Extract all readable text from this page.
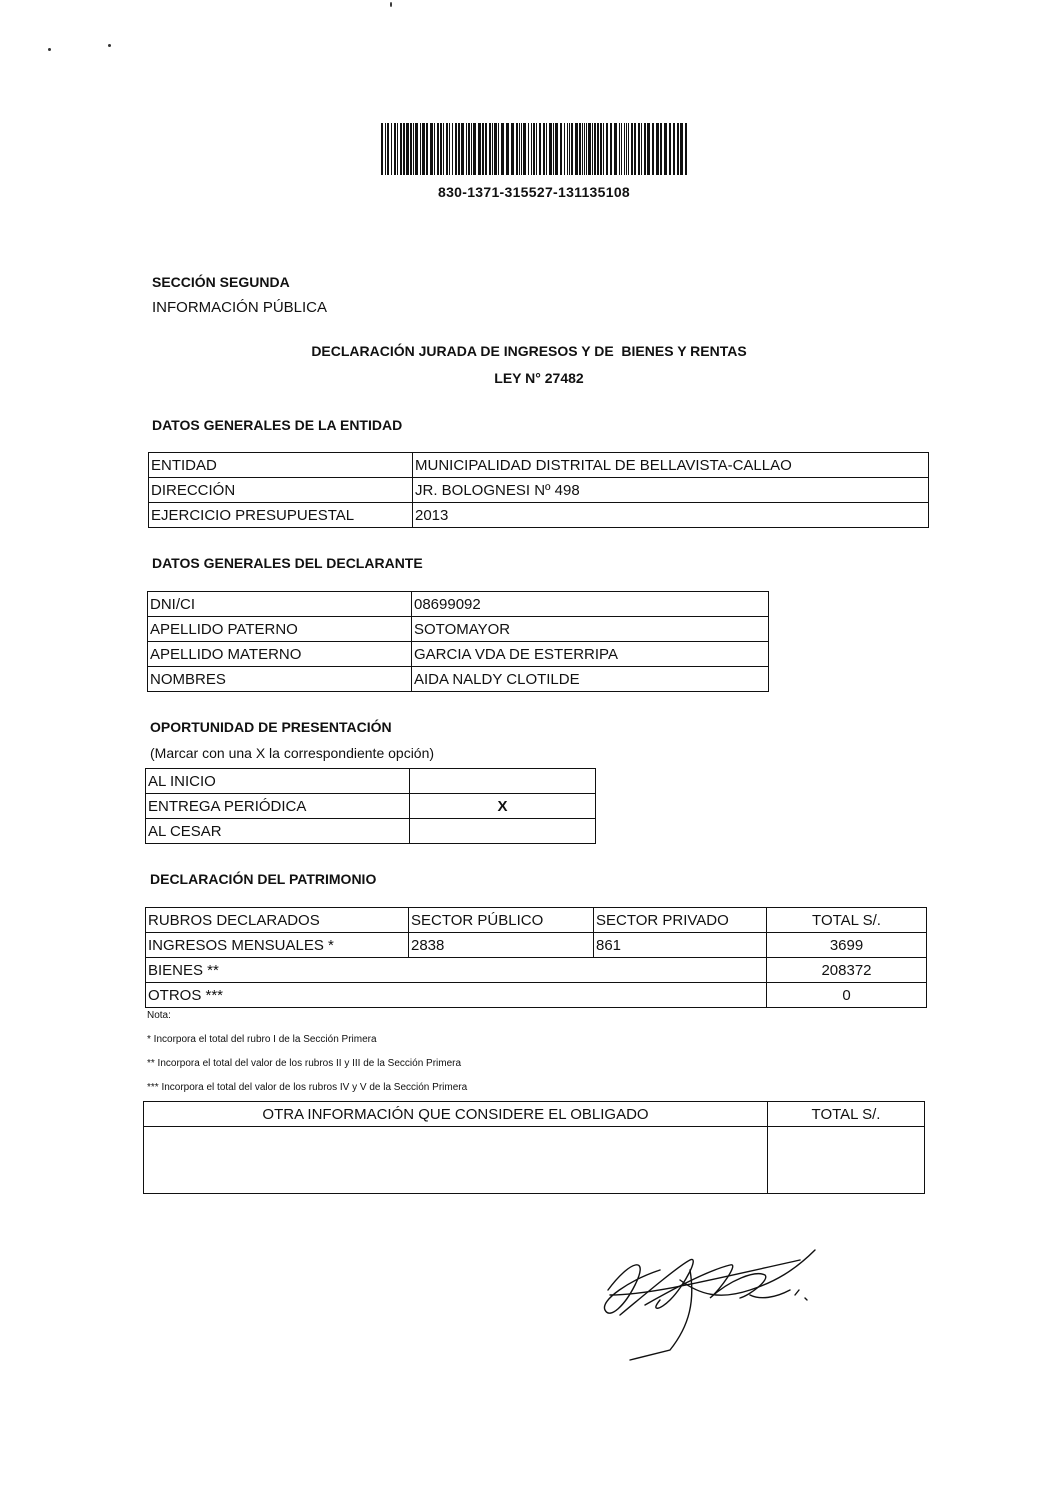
830-1371-315527-131135108
SECCIÓN SEGUNDA
INFORMACIÓN PÚBLICA
DECLARACIÓN JURADA DE INGRESOS Y DE  BIENES Y RENTAS
LEY N° 27482
DATOS GENERALES DE LA ENTIDAD
ENTIDAD	MUNICIPALIDAD DISTRITAL DE BELLAVISTA-CALLAO
DIRECCIÓN	JR. BOLOGNESI Nº 498
EJERCICIO PRESUPUESTAL	2013
DATOS GENERALES DEL DECLARANTE
DNI/CI	08699092
APELLIDO PATERNO	SOTOMAYOR
APELLIDO MATERNO	GARCIA VDA DE ESTERRIPA
NOMBRES	AIDA NALDY CLOTILDE
OPORTUNIDAD DE PRESENTACIÓN
(Marcar con una X la correspondiente opción)
AL INICIO	
ENTREGA PERIÓDICA	X
AL CESAR	
DECLARACIÓN DEL PATRIMONIO
RUBROS DECLARADOS	SECTOR PÚBLICO	SECTOR PRIVADO	TOTAL S/.
INGRESOS MENSUALES *	2838	861	3699
BIENES **			208372
OTROS ***			0
Nota:
* Incorpora el total del rubro I de la Sección Primera
** Incorpora el total del valor de los rubros II y III de la Sección Primera
*** Incorpora el total del valor de los rubros IV y V de la Sección Primera
OTRA INFORMACIÓN QUE CONSIDERE EL OBLIGADO	TOTAL S/.
